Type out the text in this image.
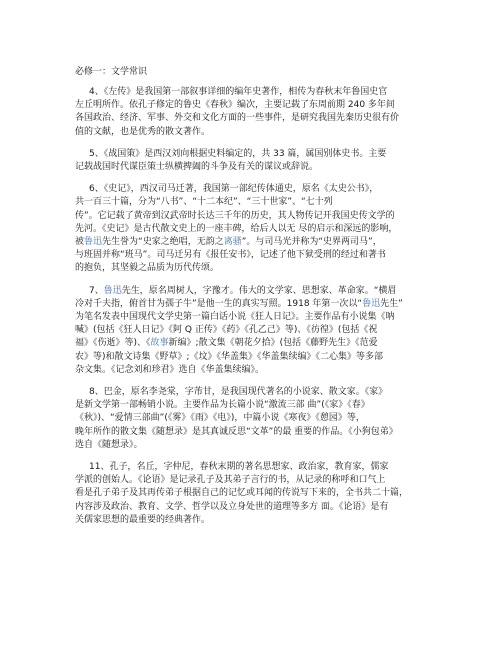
必修一：文学常识
4、《左传》是我国第一部叙事详细的编年史著作，相传为春秋末年鲁国史官
左丘明所作。依孔子修定的鲁史《春秋》编次，主要记载了东周前期 240 多年间
各国政治、经济、军事、外交和文化方面的一些事件，是研究我国先秦历史很有价
值的文献，也是优秀的散文著作。
5、《战国策》是西汉刘向根据史料编定的，共 33 篇，属国别体史书。主要
记载战国时代谋臣策士纵横捭阖的斗争及有关的谋议或辞说。
6、《史记》，西汉司马迁著，我国第一部纪传体通史，原名《太史公书》，
共一百三十篇，分为“八书”、“十二本纪”、“三十世家”、“七十列
传”。它记载了黄帝到汉武帝时长达三千年的历史，其人物传记开我国史传文学的
先河。《史记》是古代散文史上的一座丰碑，给后人以无 尽的启示和深远的影响，
被鲁迅先生誉为“史家之绝唱，无韵之离骚”。与司马光并称为“史界两司马”，
与班固并称“班马”。司马迁另有《报任安书》，记述了他下狱受刑的经过和著书
的抱负，其坚毅之品质为历代传颂。
7、鲁迅先生，原名周树人，字豫才。伟大的文学家、思想家、革命家。“横眉
冷对千夫指，俯首甘为孺子牛”是他一生的真实写照。1918 年第一次以“鲁迅先生”
为笔名发表中国现代文学史第一篇白话小说《狂人日记》。主要作品有小说集《呐
喊》(包括《狂人日记》《阿 Q 正传》《药》《孔乙己》等)、《彷徨》(包括《祝
福》《伤逝》等)、《故事新编》;散文集《朝花夕拾》(包括《藤野先生》《范爱
农》等)和散文诗集《野草》;《坟》《华盖集》《华盖集续编》《二心集》等多部
杂文集。《记念刘和珍君》选自《华盖集续编》。
8、巴金，原名李尧棠，字芾甘，是我国现代著名的小说家、散文家。《家》
是新文学第一部畅销小说。主要作品为长篇小说“激流三部 曲”(《家》《春》
《秋》)、“爱情三部曲”(《雾》《雨》《电》)，中篇小说《寒夜》《憩园》等，
晚年所作的散文集《随想录》是其真诚反思“文革”的最 重要的作品。《小狗包弟》
选自《随想录》。
11、孔子，名丘，字仲尼，春秋末期的著名思想家、政治家，教育家，儒家
学派的创始人。《论语》是记录孔子及其弟子言行的书，从记录的称呼和口气上
看是孔子弟子及其再传弟子根据自己的记忆或耳闻的传说写下来的，全书共二十篇，
内容涉及政治、教育、文学、哲学以及立身处世的道理等多方 面。《论语》是有
关儒家思想的最重要的经典著作。
